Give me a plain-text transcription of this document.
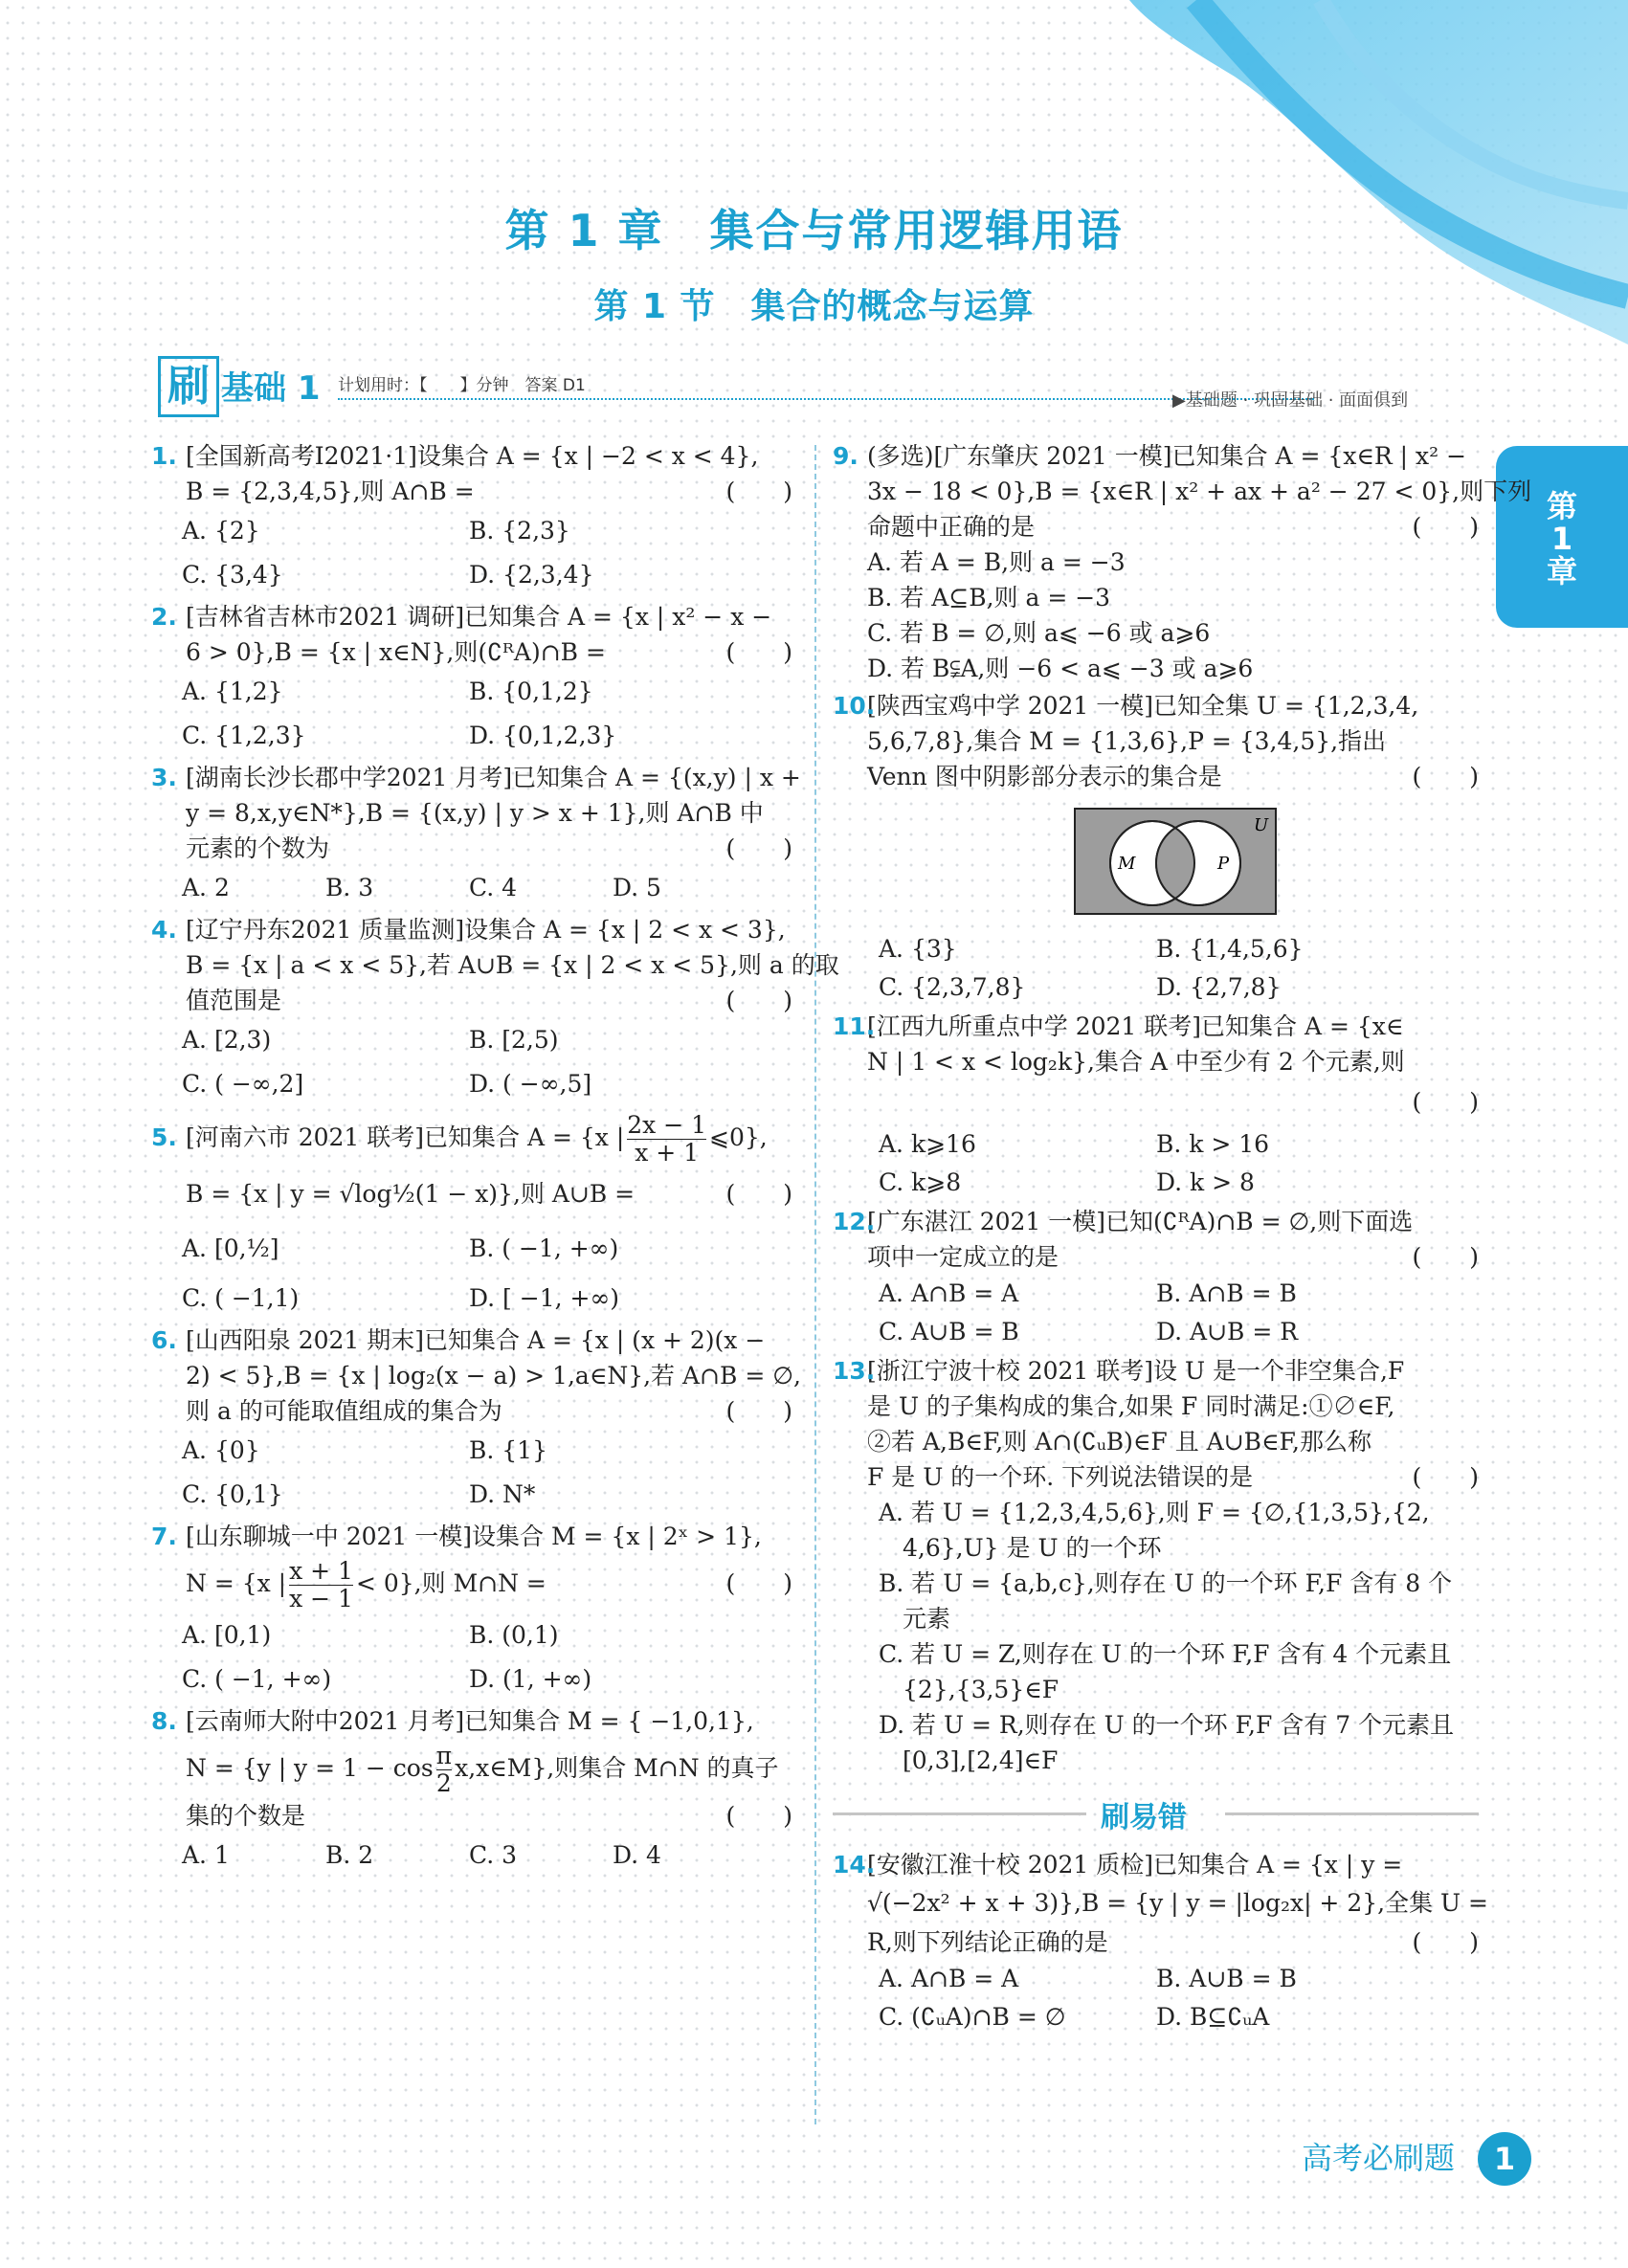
第 1 章　集合与常用逻辑用语
第 1 节　集合的概念与运算
第
1
章
刷 基础 1 计划用时：【　　】分钟　答案 D1
▶基础题 · 巩固基础 · 面面俱到
1. [全国新高考Ⅰ2021·1]设集合 A = {x | −2 < x < 4},
B = {2,3,4,5},则 A∩B =	(　　)
A. {2}	B. {2,3}
C. {3,4}	D. {2,3,4}
2. [吉林省吉林市2021 调研]已知集合 A = {x | x² − x −
6 > 0},B = {x | x∈N},则(∁ᴿA)∩B =	(　　)
A. {1,2}	B. {0,1,2}
C. {1,2,3}	D. {0,1,2,3}
3. [湖南长沙长郡中学2021 月考]已知集合 A = {(x,y) | x +
y = 8,x,y∈N*},B = {(x,y) | y > x + 1},则 A∩B 中
元素的个数为	(　　)
A. 2	B. 3	C. 4	D. 5
4. [辽宁丹东2021 质量监测]设集合 A = {x | 2 < x < 3},
B = {x | a < x < 5},若 A∪B = {x | 2 < x < 5},则 a 的取
值范围是	(　　)
A. [2,3)	B. [2,5)
C. ( −∞,2]	D. ( −∞,5]
5. [河南六市 2021 联考]已知集合 A = {x | $\frac{2x - 1}{x + 1}$ ⩽0},
B = {x | y = √log½(1 − x)},则 A∪B =	(　　)
A. [0,½]	B. ( −1, +∞)
C. ( −1,1)	D. [ −1, +∞)
6. [山西阳泉 2021 期末]已知集合 A = {x | (x + 2)(x −
2) < 5},B = {x | log₂(x − a) > 1,a∈N},若 A∩B = ∅,
则 a 的可能取值组成的集合为	(　　)
A. {0}	B. {1}
C. {0,1}	D. N*
7. [山东聊城一中 2021 一模]设集合 M = {x | 2ˣ > 1},
N = {x | $\frac{x + 1}{x - 1} < 0$},则 M∩N =	(　　)
A. [0,1)	B. (0,1)
C. ( −1, +∞)	D. (1, +∞)
8. [云南师大附中2021 月考]已知集合 M = { −1,0,1},
N = {y | $y = 1 - \cos \frac{\pi}{2}$ x,x∈M},则集合 M∩N 的真子
集的个数是	(　　)
A. 1	B. 2	C. 3	D. 4
9. (多选)[广东肇庆 2021 一模]已知集合 A = {x∈R | x² −
3x − 18 < 0},B = {x∈R | x² + ax + a² − 27 < 0},则下列
命题中正确的是	(　　)
A. 若 A = B,则 a = −3
B. 若 A⊆B,则 a = −3
C. 若 B = ∅,则 a⩽ −6 或 a⩾6
D. 若 B⫋A,则 −6 < a⩽ −3 或 a⩾6
10.
[陕西宝鸡中学 2021 一模]已知全集 U = {1,2,3,4,
5,6,7,8},集合 M = {1,3,6},P = {3,4,5},指出
Venn 图中阴影部分表示的集合是	(　　)
U
M	P
A. {3}	B. {1,4,5,6}
C. {2,3,7,8}	D. {2,7,8}
11.
[江西九所重点中学 2021 联考]已知集合 A = {x∈
N | 1 < x < log₂k},集合 A 中至少有 2 个元素,则
(　　)
A. k⩾16	B. k > 16
C. k⩾8	D. k > 8
12.
[广东湛江 2021 一模]已知(∁ᴿA)∩B = ∅,则下面选
项中一定成立的是	(　　)
A. A∩B = A	B. A∩B = B
C. A∪B = B	D. A∪B = R
13.
[浙江宁波十校 2021 联考]设 U 是一个非空集合,F
是 U 的子集构成的集合,如果 F 同时满足:①∅∈F,
②若 A,B∈F,则 A∩(∁ᵤB)∈F 且 A∪B∈F,那么称
F 是 U 的一个环. 下列说法错误的是	(　　)
A. 若 U = {1,2,3,4,5,6},则 F = {∅,{1,3,5},{2,
　4,6},U} 是 U 的一个环
B. 若 U = {a,b,c},则存在 U 的一个环 F,F 含有 8 个
　元素
C. 若 U = Z,则存在 U 的一个环 F,F 含有 4 个元素且
　{2},{3,5}∈F
D. 若 U = R,则存在 U 的一个环 F,F 含有 7 个元素且
　[0,3],[2,4]∈F
刷易错
14.
[安徽江淮十校 2021 质检]已知集合 A = {x | y =
√(−2x² + x + 3)},B = {y | y = |log₂x| + 2},全集 U =
R,则下列结论正确的是	(　　)
A. A∩B = A	B. A∪B = B
C. (∁ᵤA)∩B = ∅	D. B⊆∁ᵤA
高考必刷题	1
